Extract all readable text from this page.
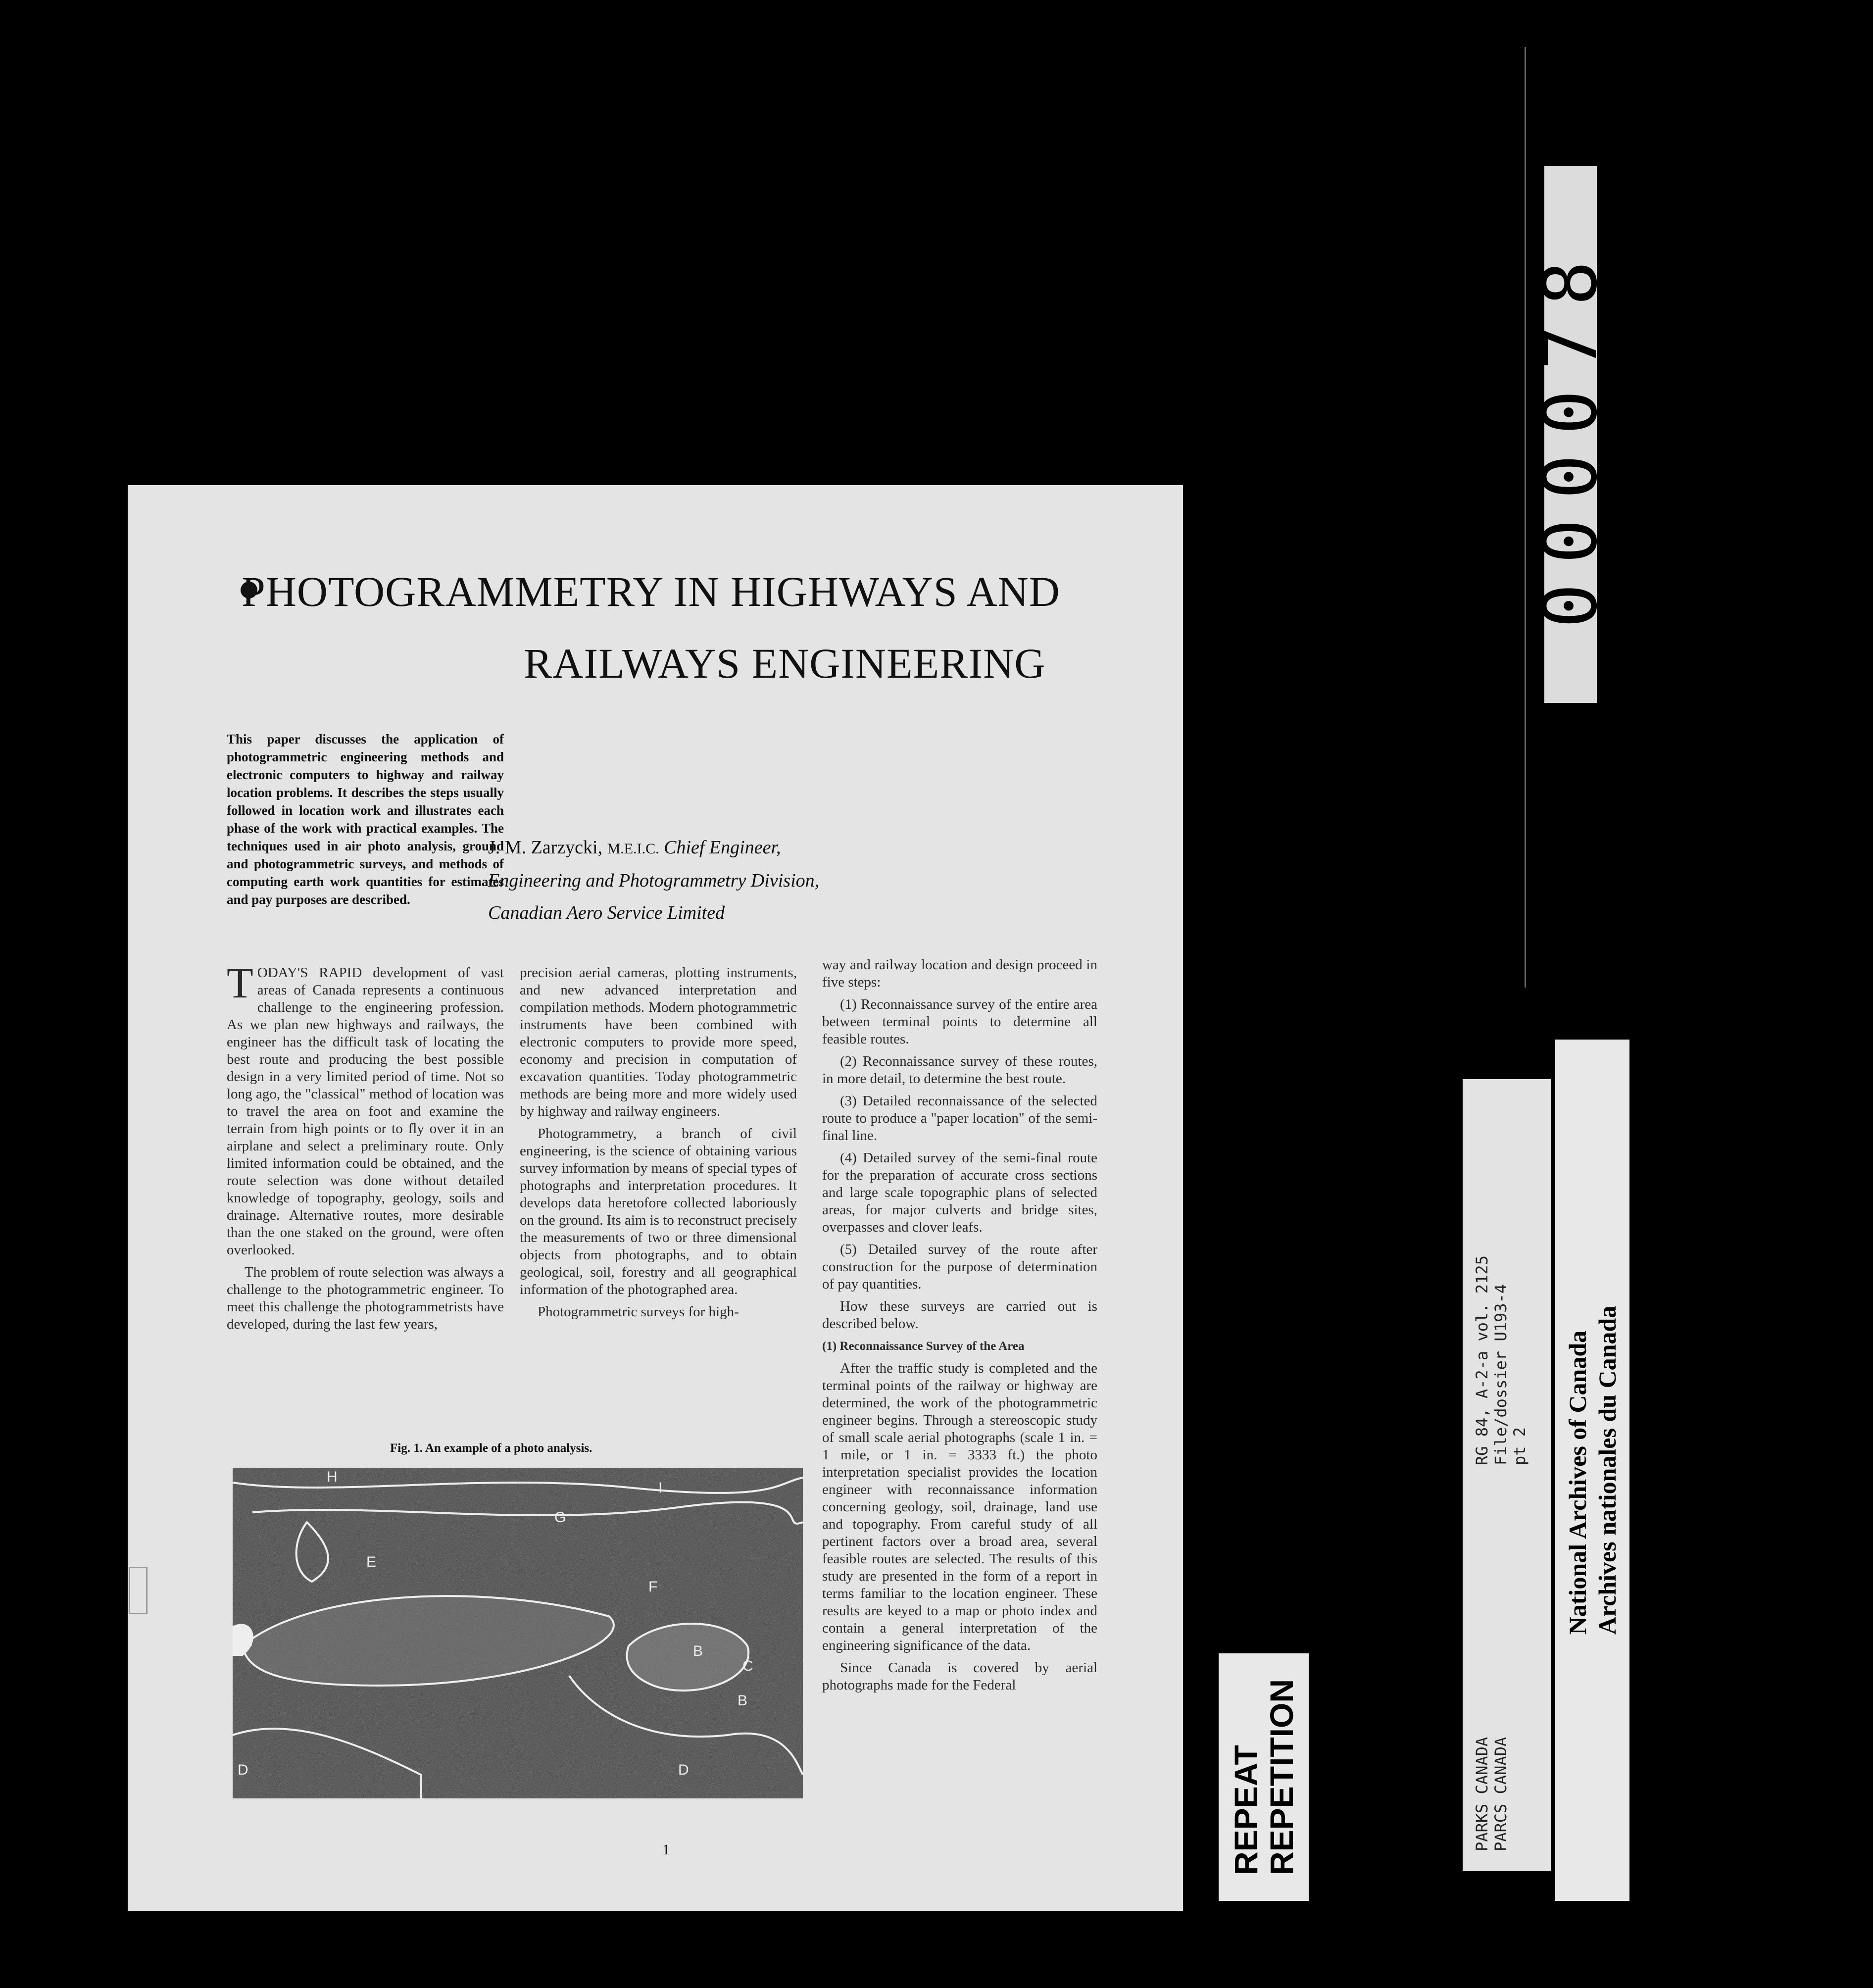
PHOTOGRAMMETRY IN HIGHWAYS AND
RAILWAYS ENGINEERING
This paper discusses the application of photogrammetric engineering methods and electronic computers to highway and railway location problems. It describes the steps usually followed in location work and illustrates each phase of the work with practical examples. The techniques used in air photo analysis, ground and photogrammetric surveys, and methods of computing earth work quantities for estimates and pay purposes are described.
J. M. Zarzycki, M.E.I.C. Chief Engineer,
Engineering and Photogrammetry Division,
Canadian Aero Service Limited

TODAY'S RAPID development of vast areas of Canada represents a continuous challenge to the engineering profession. As we plan new highways and railways, the engineer has the difficult task of locating the best route and producing the best possible design in a very limited period of time. Not so long ago, the "classical" method of location was to travel the area on foot and examine the terrain from high points or to fly over it in an airplane and select a preliminary route. Only limited information could be obtained, and the route selection was done without detailed knowledge of topography, geology, soils and drainage. Alternative routes, more desirable than the one staked on the ground, were often overlooked.

The problem of route selection was always a challenge to the photogrammetric engineer. To meet this challenge the photogrammetrists have developed, during the last few years,

precision aerial cameras, plotting instruments, and new advanced interpretation and compilation methods. Modern photogrammetric instruments have been combined with electronic computers to provide more speed, economy and precision in computation of excavation quantities. Today photogrammetric methods are being more and more widely used by highway and railway engineers.

Photogrammetry, a branch of civil engineering, is the science of obtaining various survey information by means of special types of photographs and interpretation procedures. It develops data heretofore collected laboriously on the ground. Its aim is to reconstruct precisely the measurements of two or three dimensional objects from photographs, and to obtain geological, soil, forestry and all geographical information of the photographed area.

Photogrammetric surveys for high-

way and railway location and design proceed in five steps:

(1) Reconnaissance survey of the entire area between terminal points to determine all feasible routes.

(2) Reconnaissance survey of these routes, in more detail, to determine the best route.

(3) Detailed reconnaissance of the selected route to produce a "paper location" of the semi-final line.

(4) Detailed survey of the semi-final route for the preparation of accurate cross sections and large scale topographic plans of selected areas, for major culverts and bridge sites, overpasses and clover leafs.

(5) Detailed survey of the route after construction for the purpose of determination of pay quantities.

How these surveys are carried out is described below.

(1) Reconnaissance Survey of the Area

After the traffic study is completed and the terminal points of the railway or highway are determined, the work of the photogrammetric engineer begins. Through a stereoscopic study of small scale aerial photographs (scale 1 in. = 1 mile, or 1 in. = 3333 ft.) the photo interpretation specialist provides the location engineer with reconnaissance information concerning geology, soil, drainage, land use and topography. From careful study of all pertinent factors over a broad area, several feasible routes are selected. The results of this study are presented in the form of a report in terms familiar to the location engineer. These results are keyed to a map or photo index and contain a general interpretation of the engineering significance of the data.

Since Canada is covered by aerial photographs made for the Federal

Fig. 1. An example of a photo analysis.
H
I
G
E
F
E
B
B
C
D	D
1
000078
REPEAT
REPETITION
RG 84, A-2-a vol. 2125 File/dossier U193-4 pt 2
PARKS CANADA PARCS CANADA
National Archives of Canada
Archives nationales du Canada
